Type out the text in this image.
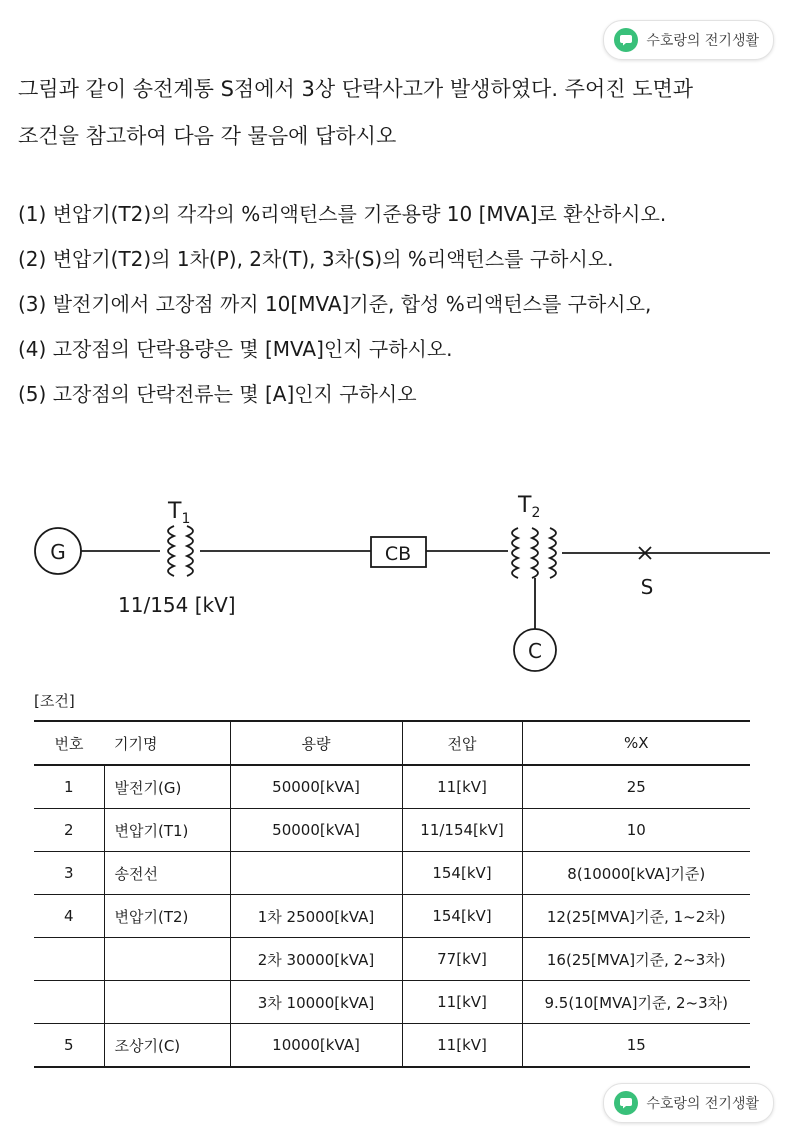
수호랑의 전기생활

그림과 같이 송전계통 S점에서 3상 단락사고가 발생하였다. 주어진 도면과

조건을 참고하여 다음 각 물음에 답하시오

(1) 변압기(T2)의 각각의 %리액턴스를 기준용량 10 [MVA]로 환산하시오.

(2) 변압기(T2)의 1차(P), 2차(T), 3차(S)의 %리액턴스를 구하시오.

(3) 발전기에서 고장점 까지 10[MVA]기준, 합성 %리액턴스를 구하시오,

(4) 고장점의 단락용량은 몇 [MVA]인지 구하시오.

(5) 고장점의 단락전류는 몇 [A]인지 구하시오

G
$T_1$
11/154 [kV]
CB
$T_2$
S
C
[조건]
번호	기기명	용량	전압	%X
1	발전기(G)	50000[kVA]	11[kV]	25
2	변압기(T1)	50000[kVA]	11/154[kV]	10
3	송전선		154[kV]	8(10000[kVA]기준)
4	변압기(T2)	1차 25000[kVA]	154[kV]	12(25[MVA]기준, 1~2차)
		2차 30000[kVA]	77[kV]	16(25[MVA]기준, 2~3차)
		3차 10000[kVA]	11[kV]	9.5(10[MVA]기준, 2~3차)
5	조상기(C)	10000[kVA]	11[kV]	15
수호랑의 전기생활
